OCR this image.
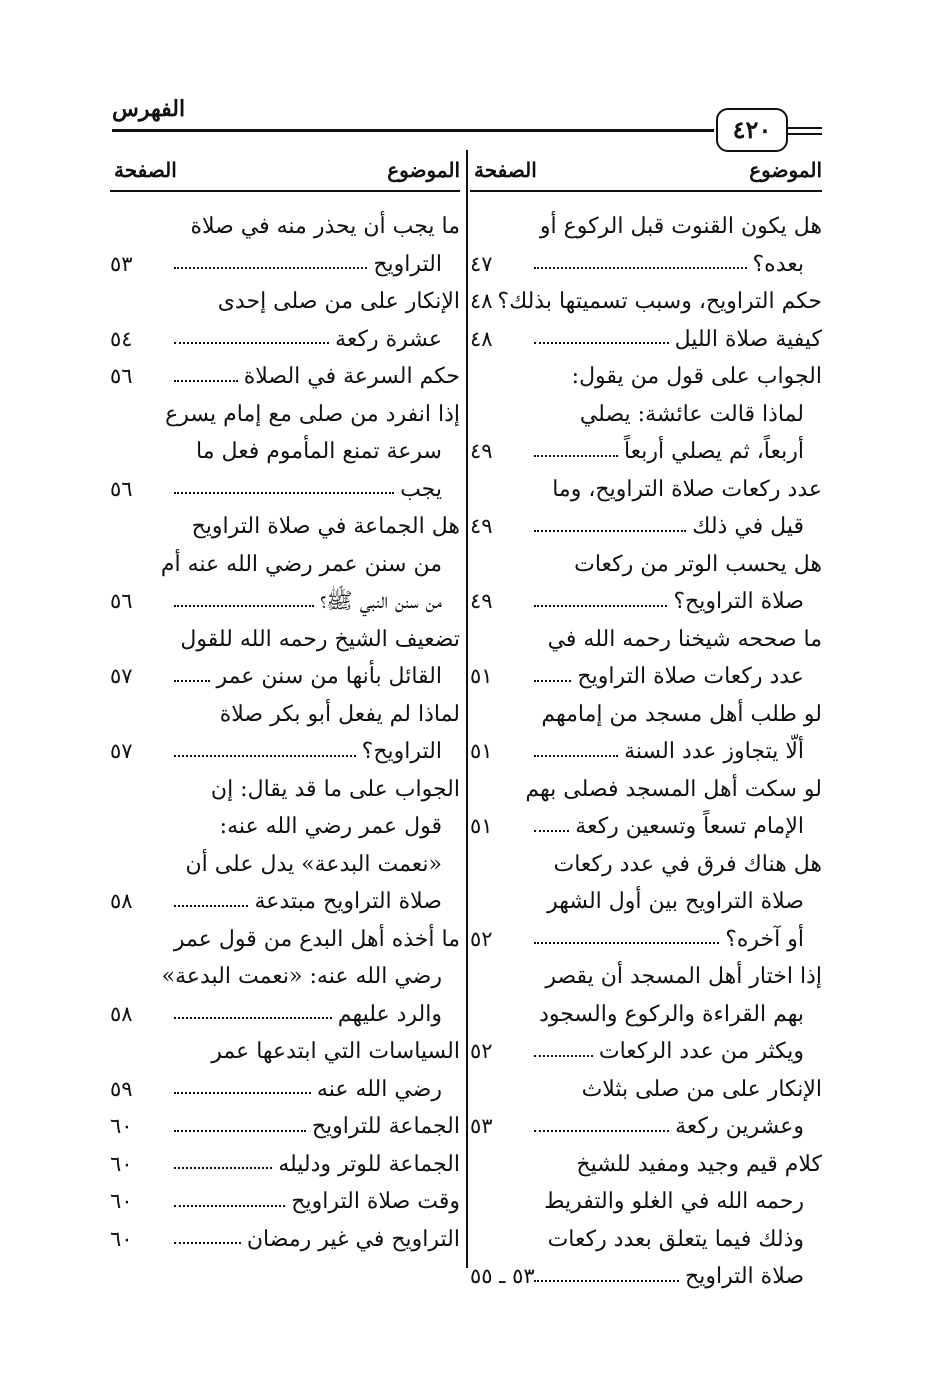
الفهرس
٤٢٠
الموضوع
الصفحة
هل يكون القنوت قبل الركوع أو
بعده؟
٤٧
حكم التراويح، وسبب تسميتها بذلك؟
٤٨
كيفية صلاة الليل
٤٨
الجواب على قول من يقول:
لماذا قالت عائشة: يصلي
أربعاً، ثم يصلي أربعاً
٤٩
عدد ركعات صلاة التراويح، وما
قيل في ذلك
٤٩
هل يحسب الوتر من ركعات
صلاة التراويح؟
٤٩
ما صححه شيخنا رحمه الله في
عدد ركعات صلاة التراويح
٥١
لو طلب أهل مسجد من إمامهم
ألّا يتجاوز عدد السنة
٥١
لو سكت أهل المسجد فصلى بهم
الإمام تسعاً وتسعين ركعة
٥١
هل هناك فرق في عدد ركعات
صلاة التراويح بين أول الشهر
أو آخره؟
٥٢
إذا اختار أهل المسجد أن يقصر
بهم القراءة والركوع والسجود
ويكثر من عدد الركعات
٥٢
الإنكار على من صلى بثلاث
وعشرين ركعة
٥٣
كلام قيم وجيد ومفيد للشيخ
رحمه الله في الغلو والتفريط
وذلك فيما يتعلق بعدد ركعات
صلاة التراويح
٥٣ ـ ٥٥
الموضوع
الصفحة
ما يجب أن يحذر منه في صلاة
التراويح
٥٣
الإنكار على من صلى إحدى
عشرة ركعة
٥٤
حكم السرعة في الصلاة
٥٦
إذا انفرد من صلى مع إمام يسرع
سرعة تمنع المأموم فعل ما
يجب
٥٦
هل الجماعة في صلاة التراويح
من سنن عمر رضي الله عنه أم
من سنن النبي ﷺ؟
٥٦
تضعيف الشيخ رحمه الله للقول
القائل بأنها من سنن عمر
٥٧
لماذا لم يفعل أبو بكر صلاة
التراويح؟
٥٧
الجواب على ما قد يقال: إن
قول عمر رضي الله عنه:
«نعمت البدعة» يدل على أن
صلاة التراويح مبتدعة
٥٨
ما أخذه أهل البدع من قول عمر
رضي الله عنه: «نعمت البدعة»
والرد عليهم
٥٨
السياسات التي ابتدعها عمر
رضي الله عنه
٥٩
الجماعة للتراويح
٦٠
الجماعة للوتر ودليله
٦٠
وقت صلاة التراويح
٦٠
التراويح في غير رمضان
٦٠
